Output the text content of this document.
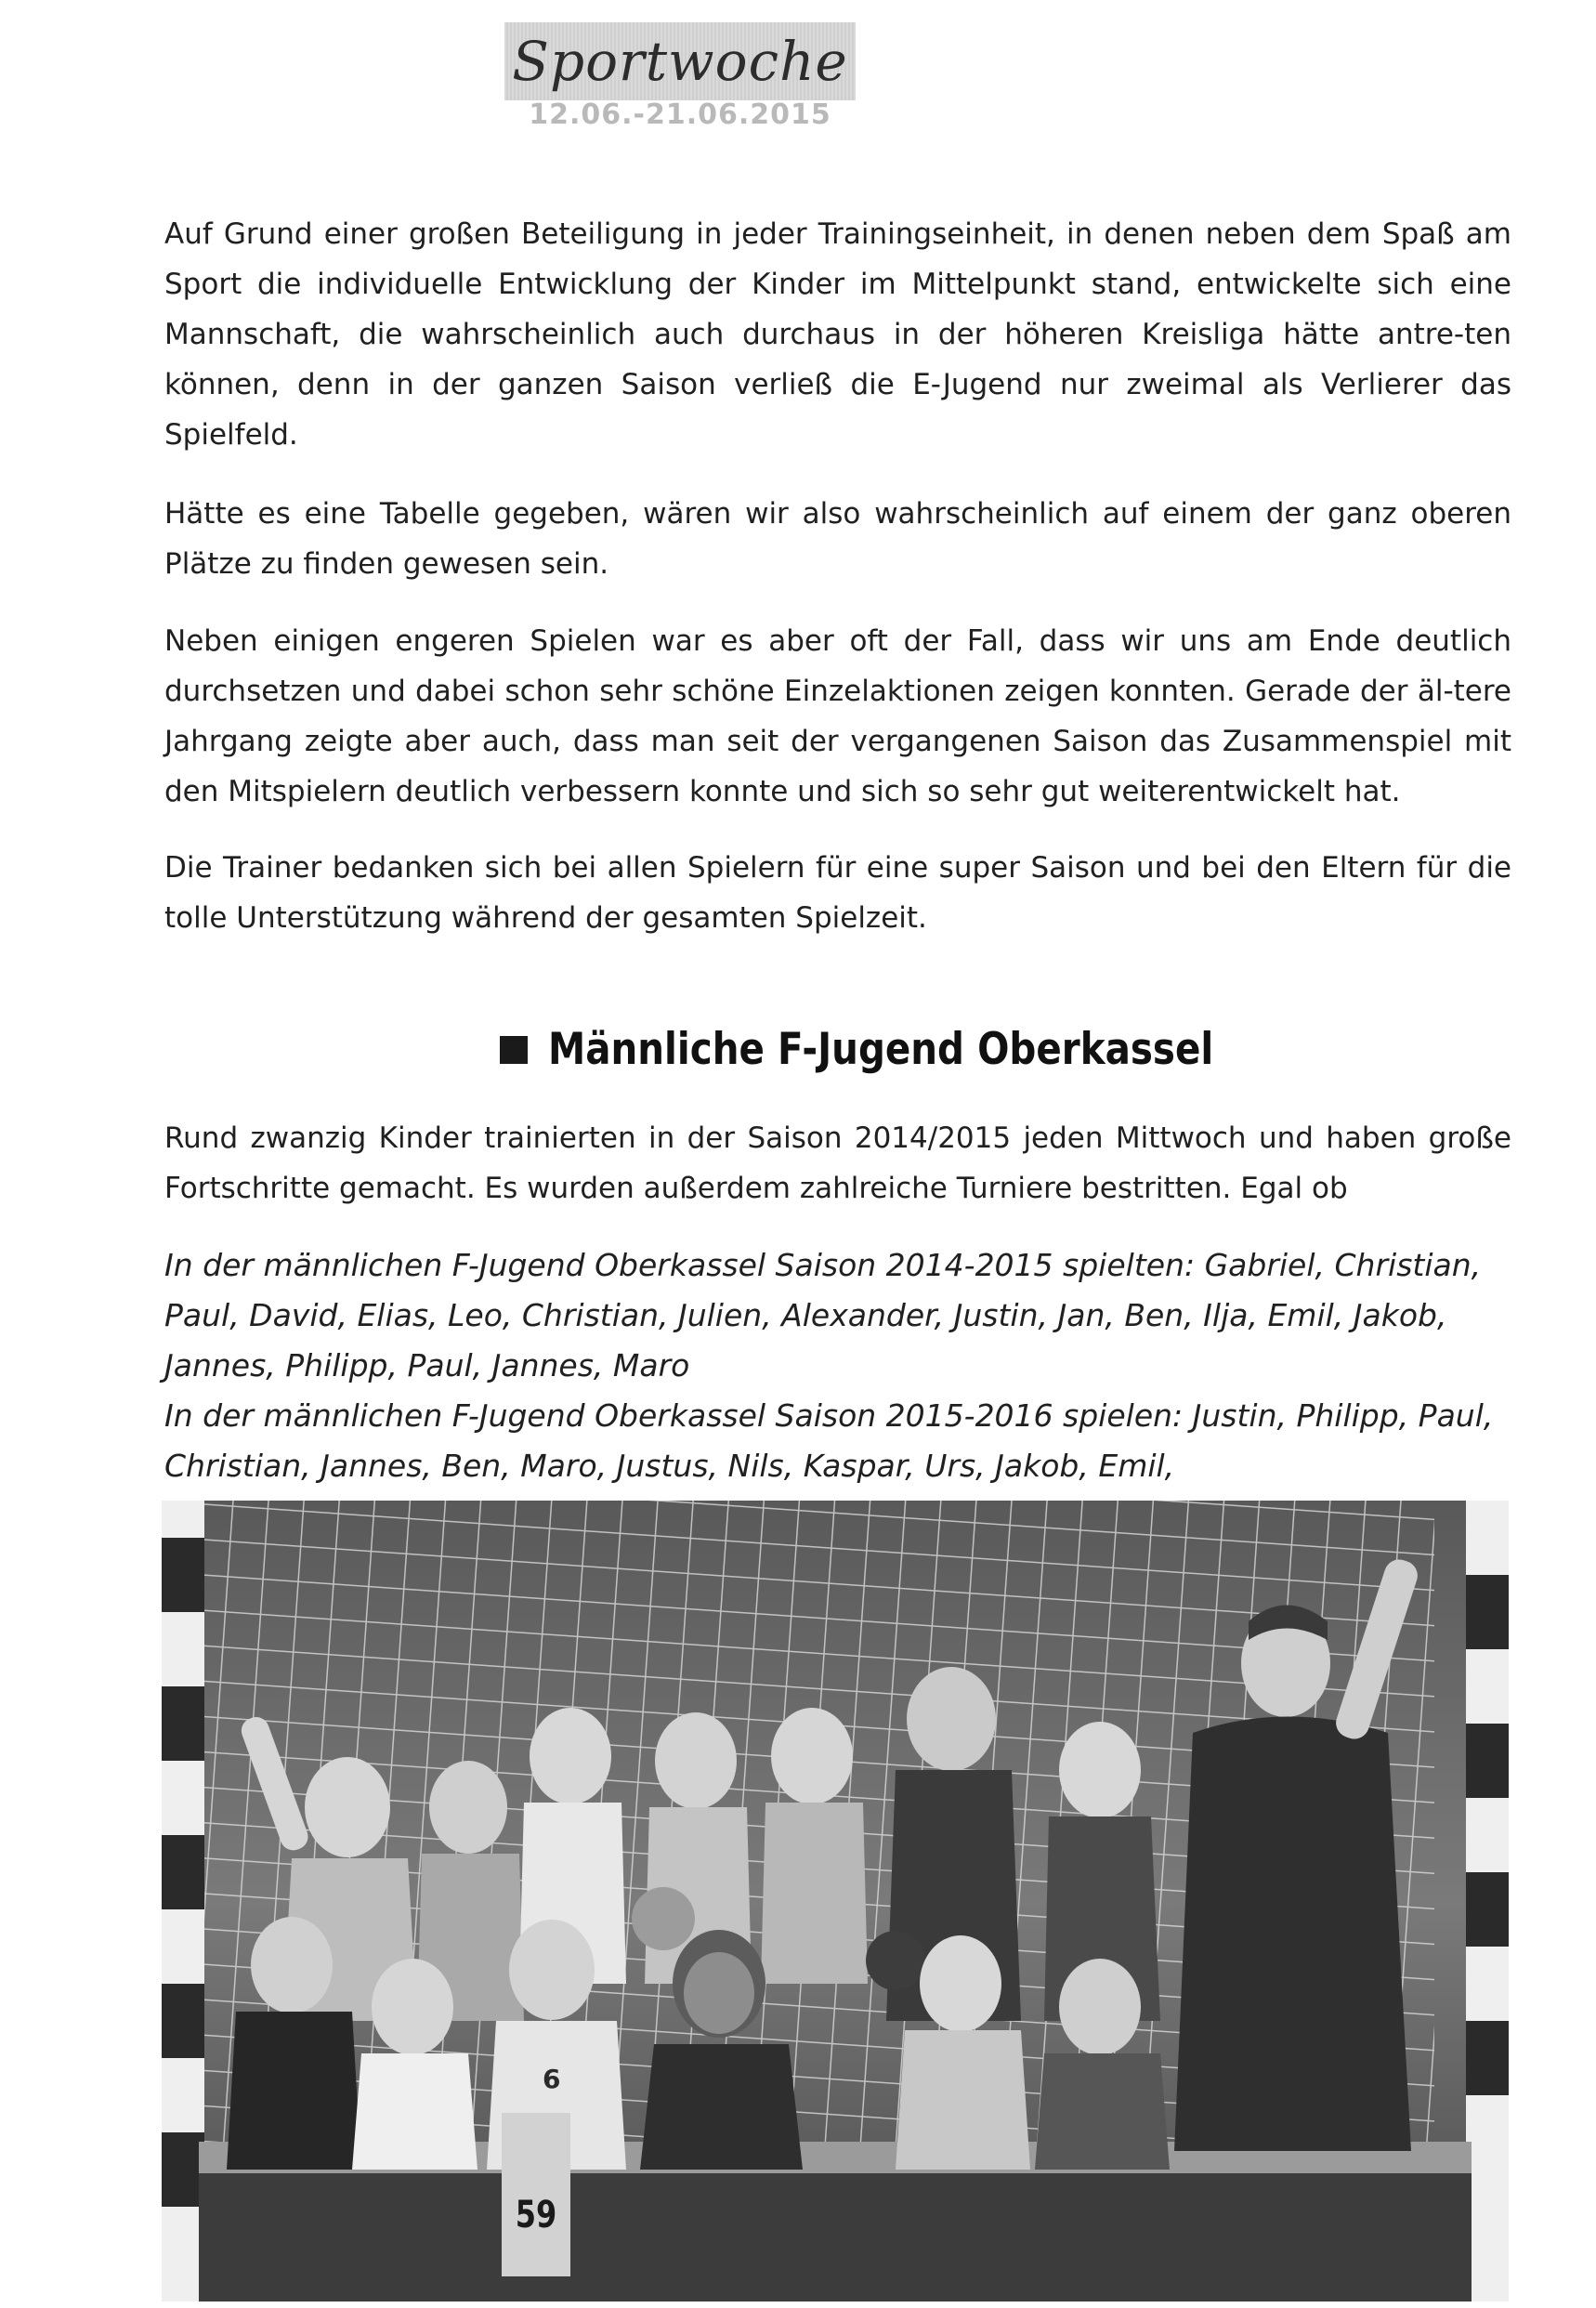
Sportwoche
12.06.-21.06.2015

Auf Grund einer großen Beteiligung in jeder Trainingseinheit, in denen neben dem Spaß am Sport die individuelle Entwicklung der Kinder im Mittelpunkt stand, entwickelte sich eine Mannschaft, die wahrscheinlich auch durchaus in der höheren Kreisliga hätte antre-ten können, denn in der ganzen Saison verließ die E-Jugend nur zweimal als Verlierer das Spielfeld.

Hätte es eine Tabelle gegeben, wären wir also wahrscheinlich auf einem der ganz oberen Plätze zu finden gewesen sein.

Neben einigen engeren Spielen war es aber oft der Fall, dass wir uns am Ende deutlich durchsetzen und dabei schon sehr schöne Einzelaktionen zeigen konnten. Gerade der äl-tere Jahrgang zeigte aber auch, dass man seit der vergangenen Saison das Zusammenspiel mit den Mitspielern deutlich verbessern konnte und sich so sehr gut weiterentwickelt hat.

Die Trainer bedanken sich bei allen Spielern für eine super Saison und bei den Eltern für die tolle Unterstützung während der gesamten Spielzeit.

Männliche F-Jugend Oberkassel

Rund zwanzig Kinder trainierten in der Saison 2014/2015 jeden Mittwoch und haben große Fortschritte gemacht. Es wurden außerdem zahlreiche Turniere bestritten. Egal ob

In der männlichen F-Jugend Oberkassel Saison 2014-2015 spielten: Gabriel, Christian, Paul, David, Elias, Leo, Christian, Julien, Alexander, Justin, Jan, Ben, Ilja, Emil, Jakob, Jannes, Philipp, Paul, Jannes, Maro

In der männlichen F-Jugend Oberkassel Saison 2015-2016 spielen: Justin, Philipp, Paul, Christian, Jannes, Ben, Maro, Justus, Nils, Kaspar, Urs, Jakob, Emil,

6
59
